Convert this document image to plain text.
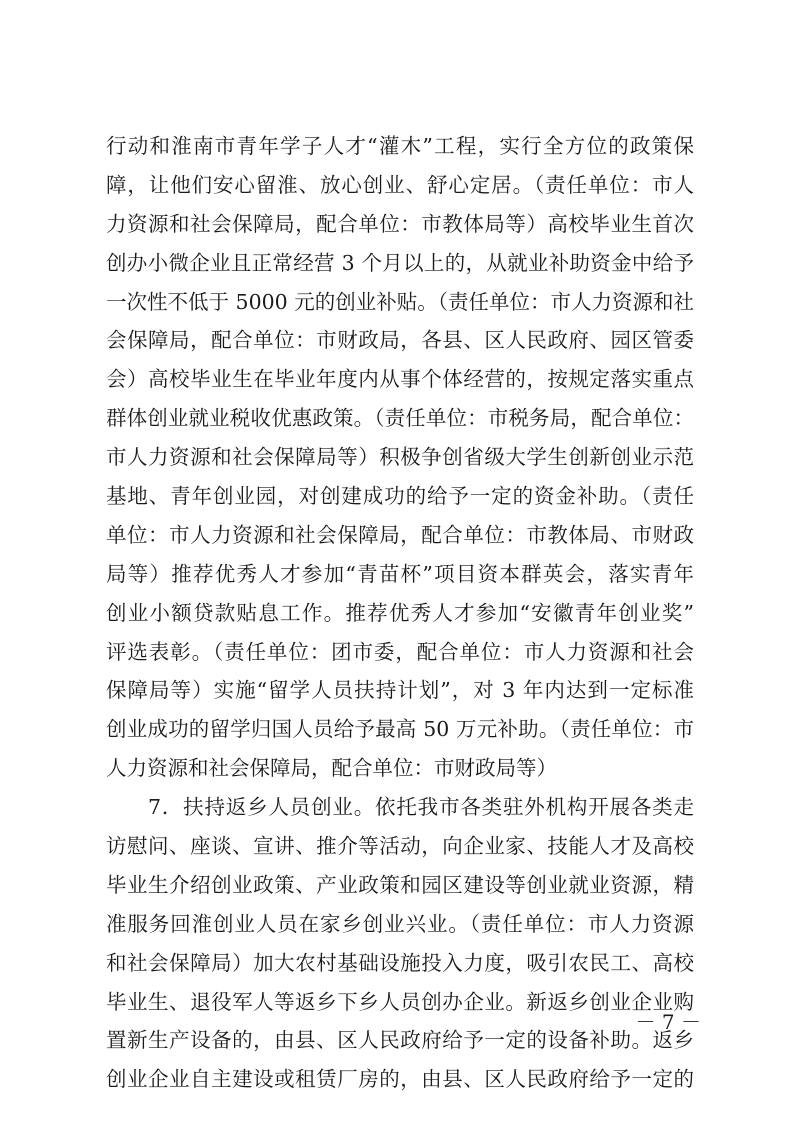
行动和淮南市青年学子人才“灌木”工程，实行全方位的政策保
障，让他们安心留淮、放心创业、舒心定居。（责任单位：市人
力资源和社会保障局，配合单位：市教体局等）高校毕业生首次
创办小微企业且正常经营 3 个月以上的，从就业补助资金中给予
一次性不低于 5000 元的创业补贴。（责任单位：市人力资源和社
会保障局，配合单位：市财政局，各县、区人民政府、园区管委
会）高校毕业生在毕业年度内从事个体经营的，按规定落实重点
群体创业就业税收优惠政策。（责任单位：市税务局，配合单位：
市人力资源和社会保障局等）积极争创省级大学生创新创业示范
基地、青年创业园，对创建成功的给予一定的资金补助。（责任
单位：市人力资源和社会保障局，配合单位：市教体局、市财政
局等）推荐优秀人才参加“青苗杯”项目资本群英会，落实青年
创业小额贷款贴息工作。推荐优秀人才参加“安徽青年创业奖”
评选表彰。（责任单位：团市委，配合单位：市人力资源和社会
保障局等）实施“留学人员扶持计划”，对 3 年内达到一定标准
创业成功的留学归国人员给予最高 50 万元补助。（责任单位：市
人力资源和社会保障局，配合单位：市财政局等）
7．扶持返乡人员创业。依托我市各类驻外机构开展各类走
访慰问、座谈、宣讲、推介等活动，向企业家、技能人才及高校
毕业生介绍创业政策、产业政策和园区建设等创业就业资源，精
准服务回淮创业人员在家乡创业兴业。（责任单位：市人力资源
和社会保障局）加大农村基础设施投入力度，吸引农民工、高校
毕业生、退役军人等返乡下乡人员创办企业。新返乡创业企业购
置新生产设备的，由县、区人民政府给予一定的设备补助。返乡
创业企业自主建设或租赁厂房的，由县、区人民政府给予一定的
－ 7 －
